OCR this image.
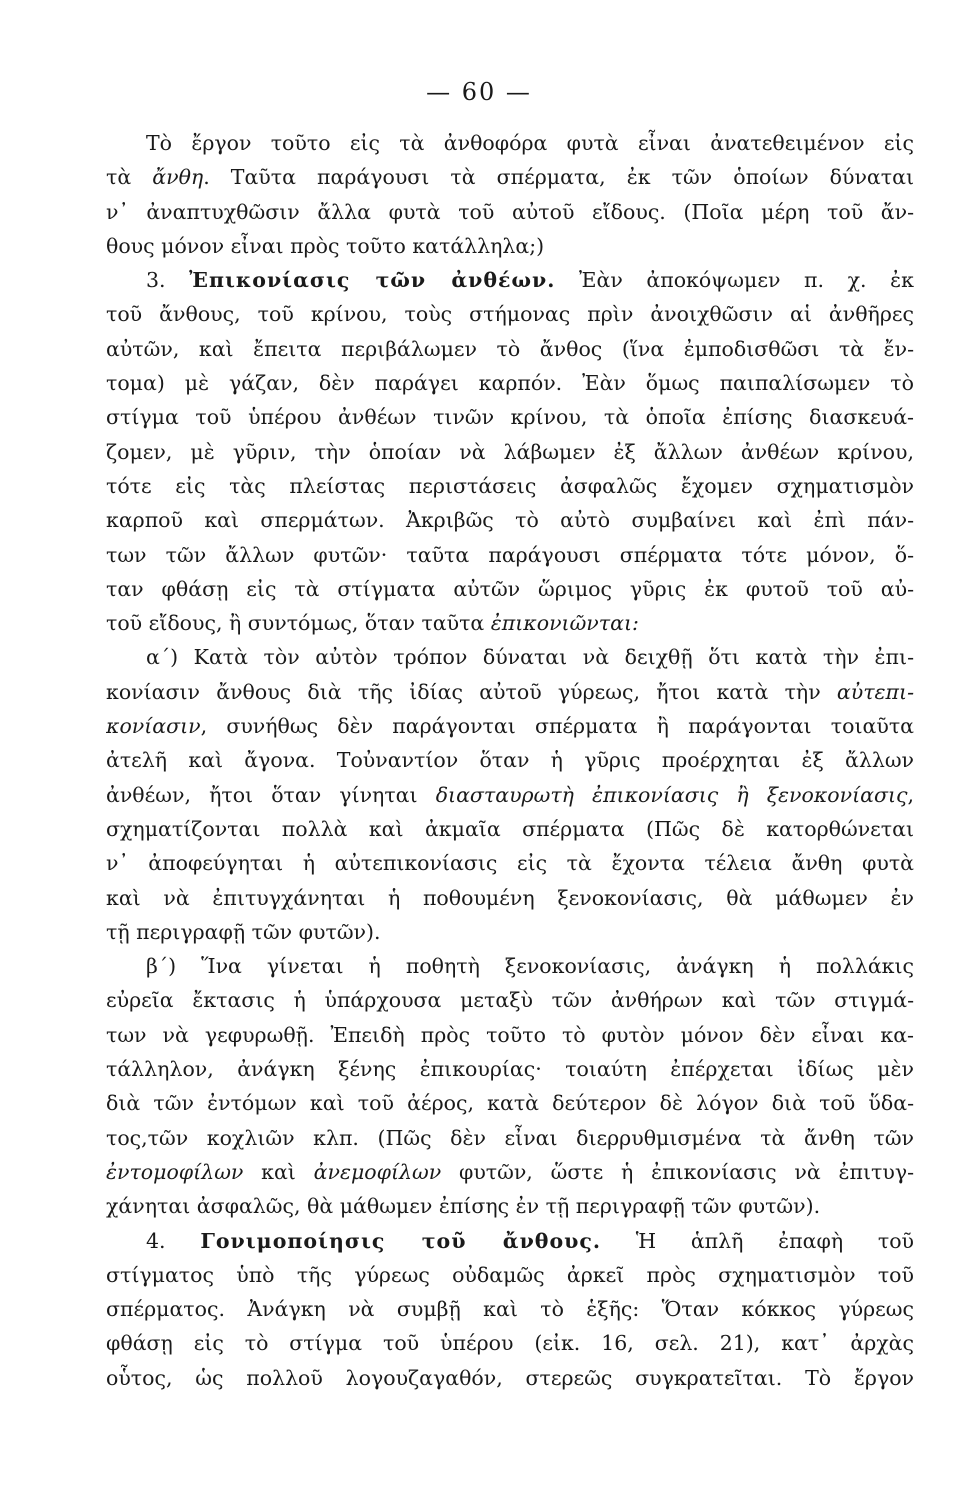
— 60 —
Τὸ ἔργον τοῦτο εἰς τὰ ἀνθοφόρα φυτὰ εἶναι ἀνατεθειμένον εἰς
τὰ ἄνθη. Ταῦτα παράγουσι τὰ σπέρματα, ἐκ τῶν ὁποίων δύναται
ν᾿ ἀναπτυχθῶσιν ἄλλα φυτὰ τοῦ αὐτοῦ εἴδους. (Ποῖα μέρη τοῦ ἄν-
θους μόνον εἶναι πρὸς τοῦτο κατάλληλα;)
3. Ἐπικονίασις τῶν ἀνθέων. Ἐὰν ἀποκόψωμεν π. χ. ἐκ
τοῦ ἄνθους, τοῦ κρίνου, τοὺς στήμονας πρὶν ἀνοιχθῶσιν αἱ ἀνθῆρες
αὐτῶν, καὶ ἔπειτα περιβάλωμεν τὸ ἄνθος (ἵνα ἐμποδισθῶσι τὰ ἔν-
τομα) μὲ γάζαν, δὲν παράγει καρπόν. Ἐὰν ὅμως παιπαλίσωμεν τὸ
στίγμα τοῦ ὑπέρου ἀνθέων τινῶν κρίνου, τὰ ὁποῖα ἐπίσης διασκευά-
ζομεν, μὲ γῦριν, τὴν ὁποίαν νὰ λάβωμεν ἐξ ἄλλων ἀνθέων κρίνου,
τότε εἰς τὰς πλείστας περιστάσεις ἀσφαλῶς ἔχομεν σχηματισμὸν
καρποῦ καὶ σπερμάτων. Ἀκριβῶς τὸ αὐτὸ συμβαίνει καὶ ἐπὶ πάν-
των τῶν ἄλλων φυτῶν· ταῦτα παράγουσι σπέρματα τότε μόνον, ὅ-
ταν φθάσῃ εἰς τὰ στίγματα αὐτῶν ὥριμος γῦρις ἐκ φυτοῦ τοῦ αὐ-
τοῦ εἴδους, ἢ συντόμως, ὅταν ταῦτα ἐπικονιῶνται:
α΄) Κατὰ τὸν αὐτὸν τρόπον δύναται νὰ δειχθῇ ὅτι κατὰ τὴν ἐπι-
κονίασιν ἄνθους διὰ τῆς ἰδίας αὐτοῦ γύρεως, ἤτοι κατὰ τὴν αὐτεπι-
κονίασιν, συνήθως δὲν παράγονται σπέρματα ἢ παράγονται τοιαῦτα
ἀτελῆ καὶ ἄγονα. Τοὐναντίον ὅταν ἡ γῦρις προέρχηται ἐξ ἄλλων
ἀνθέων, ἤτοι ὅταν γίνηται διασταυρωτὴ ἐπικονίασις ἢ ξενοκονίασις,
σχηματίζονται πολλὰ καὶ ἀκμαῖα σπέρματα (Πῶς δὲ κατορθώνεται
ν᾿ ἀποφεύγηται ἡ αὐτεπικονίασις εἰς τὰ ἔχοντα τέλεια ἄνθη φυτὰ
καὶ νὰ ἐπιτυγχάνηται ἡ ποθουμένη ξενοκονίασις, θὰ μάθωμεν ἐν
τῇ περιγραφῇ τῶν φυτῶν).
β΄) Ἵνα γίνεται ἡ ποθητὴ ξενοκονίασις, ἀνάγκη ἡ πολλάκις
εὐρεῖα ἔκτασις ἡ ὑπάρχουσα μεταξὺ τῶν ἀνθήρων καὶ τῶν στιγμά-
των νὰ γεφυρωθῇ. Ἐπειδὴ πρὸς τοῦτο τὸ φυτὸν μόνον δὲν εἶναι κα-
τάλληλον, ἀνάγκη ξένης ἐπικουρίας· τοιαύτη ἐπέρχεται ἰδίως μὲν
διὰ τῶν ἐντόμων καὶ τοῦ ἀέρος, κατὰ δεύτερον δὲ λόγον διὰ τοῦ ὕδα-
τος,τῶν κοχλιῶν κλπ. (Πῶς δὲν εἶναι διερρυθμισμένα τὰ ἄνθη τῶν
ἐντομοφίλων καὶ ἀνεμοφίλων φυτῶν, ὥστε ἡ ἐπικονίασις νὰ ἐπιτυγ-
χάνηται ἀσφαλῶς, θὰ μάθωμεν ἐπίσης ἐν τῇ περιγραφῇ τῶν φυτῶν).
4. Γονιμοποίησις τοῦ ἄνθους. Ἡ ἁπλῆ ἐπαφὴ τοῦ
στίγματος ὑπὸ τῆς γύρεως οὐδαμῶς ἀρκεῖ πρὸς σχηματισμὸν τοῦ
σπέρματος. Ἀνάγκη νὰ συμβῇ καὶ τὸ ἑξῆς: Ὅταν κόκκος γύρεως
φθάσῃ εἰς τὸ στίγμα τοῦ ὑπέρου (εἰκ. 16, σελ. 21), κατ᾿ ἀρχὰς
οὗτος, ὡς πολλοῦ λογουζαγαθόν, στερεῶς συγκρατεῖται. Τὸ ἔργον
